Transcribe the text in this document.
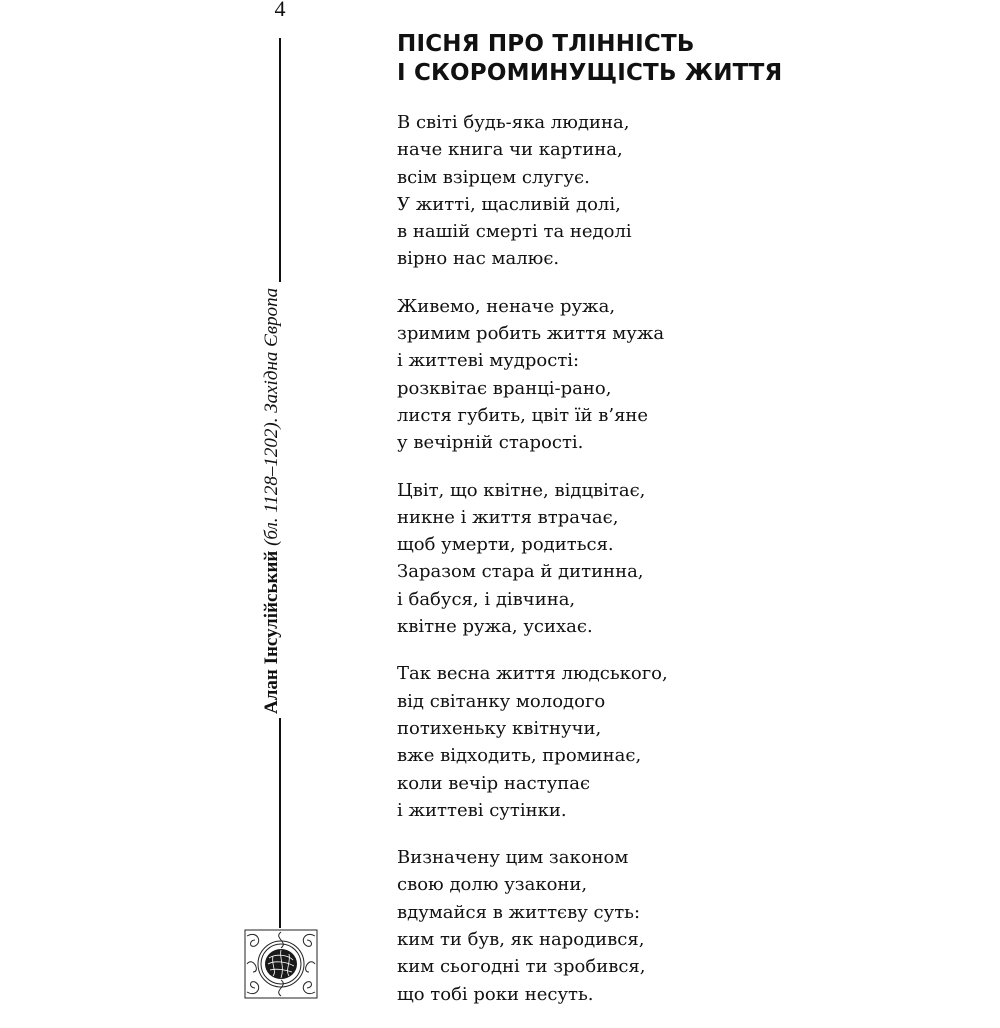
4
Алан Інсулійський (бл. 1128–1202). Західна Європа
ПІСНЯ ПРО ТЛІННІСТЬ
І СКОРОМИНУЩІСТЬ ЖИТТЯ
В світі будь-яка людина,
наче книга чи картина,
всім взірцем слугує.
У житті, щасливій долі,
в нашій смерті та недолі
вірно нас малює.
Живемо, неначе ружа,
зримим робить життя мужа
і життеві мудрості:
розквітає вранці-рано,
листя губить, цвіт їй в’яне
у вечірній старості.
Цвіт, що квітне, відцвітає,
никне і життя втрачає,
щоб умерти, родиться.
Заразом стара й дитинна,
і бабуся, і дівчина,
квітне ружа, усихає.
Так весна життя людського,
від світанку молодого
потихеньку квітнучи,
вже відходить, проминає,
коли вечір наступає
і життеві сутінки.
Визначену цим законом
свою долю узакони,
вдумайся в життєву суть:
ким ти був, як народився,
ким сьогодні ти зробився,
що тобі роки несуть.
